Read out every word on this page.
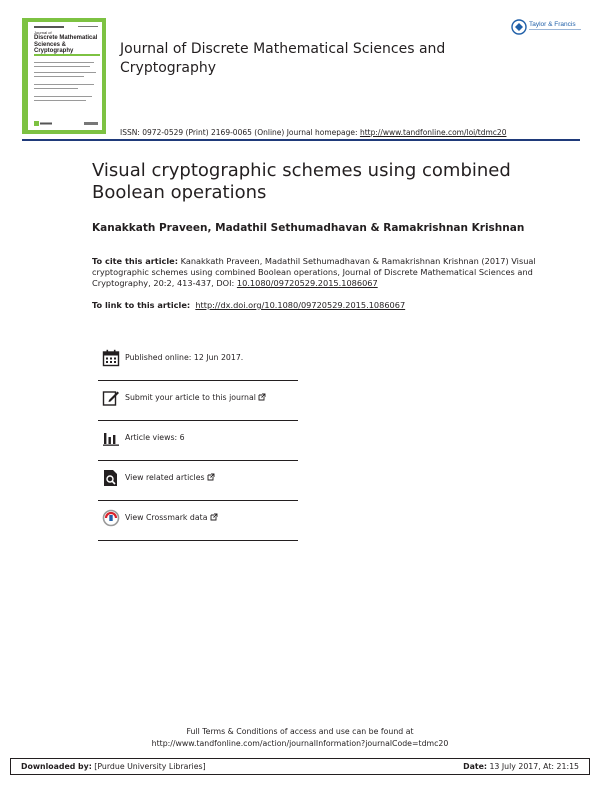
Journal of
Discrete Mathematical
Sciences & Cryptography	Journal of Discrete Mathematical Sciences and Cryptography
Taylor & Francis
ISSN: 0972-0529 (Print) 2169-0065 (Online) Journal homepage: http://www.tandfonline.com/loi/tdmc20
Visual cryptographic schemes using combined Boolean operations
Kanakkath Praveen, Madathil Sethumadhavan & Ramakrishnan Krishnan
To cite this article: Kanakkath Praveen, Madathil Sethumadhavan & Ramakrishnan Krishnan (2017) Visual cryptographic schemes using combined Boolean operations, Journal of Discrete Mathematical Sciences and Cryptography, 20:2, 413-437, DOI: 10.1080/09720529.2015.1086067
To link to this article: http://dx.doi.org/10.1080/09720529.2015.1086067
Published online: 12 Jun 2017.
Submit your article to this journal
Article views: 6
View related articles
View Crossmark data
Full Terms & Conditions of access and use can be found at
http://www.tandfonline.com/action/journalInformation?journalCode=tdmc20
Downloaded by: [Purdue University Libraries]	Date: 13 July 2017, At: 21:15
